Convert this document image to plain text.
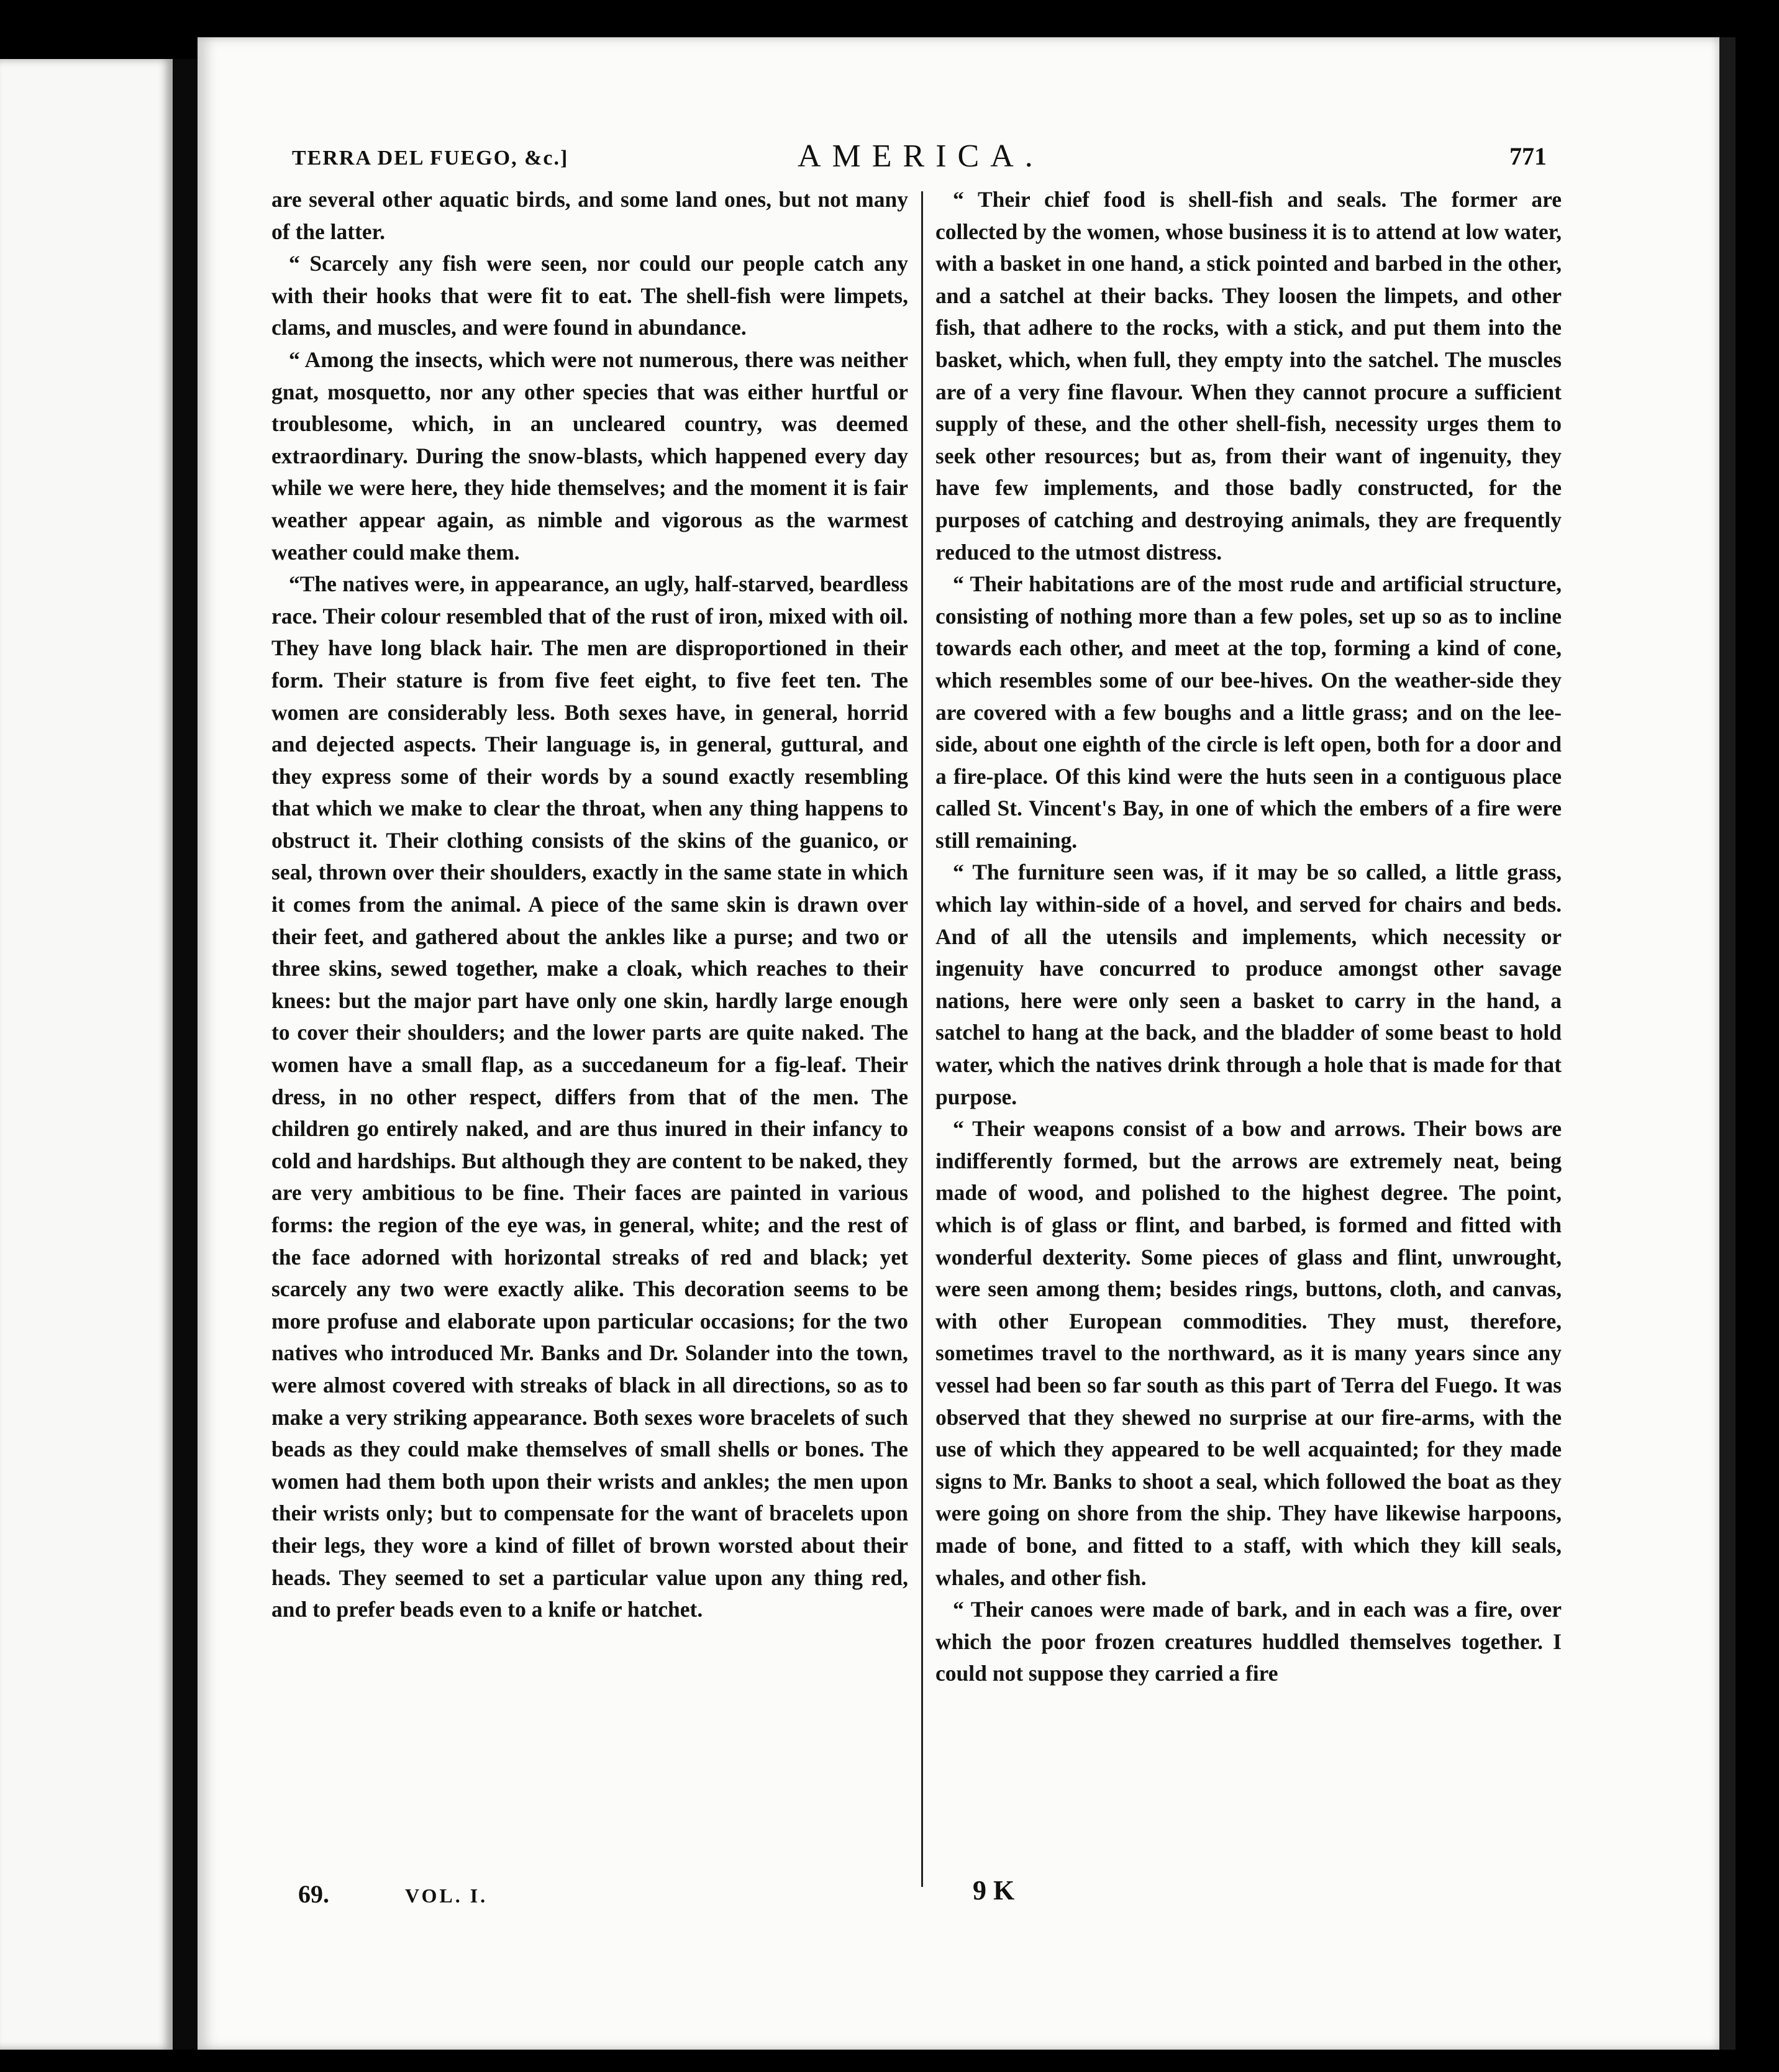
TERRA DEL FUEGO, &c.]	AMERICA.	771

are several other aquatic birds, and some land ones, but not many of the latter.

“ Scarcely any fish were seen, nor could our people catch any with their hooks that were fit to eat. The shell-fish were limpets, clams, and muscles, and were found in abundance.

“ Among the insects, which were not numerous, there was neither gnat, mosquetto, nor any other species that was either hurtful or troublesome, which, in an uncleared country, was deemed extraordinary. During the snow-blasts, which happened every day while we were here, they hide themselves; and the moment it is fair weather appear again, as nimble and vigorous as the warmest weather could make them.

“The natives were, in appearance, an ugly, half-starved, beardless race. Their colour resembled that of the rust of iron, mixed with oil. They have long black hair. The men are disproportioned in their form. Their stature is from five feet eight, to five feet ten. The women are considerably less. Both sexes have, in general, horrid and dejected aspects. Their language is, in general, guttural, and they express some of their words by a sound exactly resembling that which we make to clear the throat, when any thing happens to obstruct it. Their clothing consists of the skins of the guanico, or seal, thrown over their shoulders, exactly in the same state in which it comes from the animal. A piece of the same skin is drawn over their feet, and gathered about the ankles like a purse; and two or three skins, sewed together, make a cloak, which reaches to their knees: but the major part have only one skin, hardly large enough to cover their shoulders; and the lower parts are quite naked. The women have a small flap, as a succedaneum for a fig-leaf. Their dress, in no other respect, differs from that of the men. The children go entirely naked, and are thus inured in their infancy to cold and hardships. But although they are content to be naked, they are very ambitious to be fine. Their faces are painted in various forms: the region of the eye was, in general, white; and the rest of the face adorned with horizontal streaks of red and black; yet scarcely any two were exactly alike. This decoration seems to be more profuse and elaborate upon particular occasions; for the two natives who introduced Mr. Banks and Dr. Solander into the town, were almost covered with streaks of black in all directions, so as to make a very striking appearance. Both sexes wore bracelets of such beads as they could make themselves of small shells or bones. The women had them both upon their wrists and ankles; the men upon their wrists only; but to compensate for the want of bracelets upon their legs, they wore a kind of fillet of brown worsted about their heads. They seemed to set a particular value upon any thing red, and to prefer beads even to a knife or hatchet.

“ Their chief food is shell-fish and seals. The former are collected by the women, whose business it is to attend at low water, with a basket in one hand, a stick pointed and barbed in the other, and a satchel at their backs. They loosen the limpets, and other fish, that adhere to the rocks, with a stick, and put them into the basket, which, when full, they empty into the satchel. The muscles are of a very fine flavour. When they cannot procure a sufficient supply of these, and the other shell-fish, necessity urges them to seek other resources; but as, from their want of ingenuity, they have few implements, and those badly constructed, for the purposes of catching and destroying animals, they are frequently reduced to the utmost distress.

“ Their habitations are of the most rude and artificial structure, consisting of nothing more than a few poles, set up so as to incline towards each other, and meet at the top, forming a kind of cone, which resembles some of our bee-hives. On the weather-side they are covered with a few boughs and a little grass; and on the lee-side, about one eighth of the circle is left open, both for a door and a fire-place. Of this kind were the huts seen in a contiguous place called St. Vincent's Bay, in one of which the embers of a fire were still remaining.

“ The furniture seen was, if it may be so called, a little grass, which lay within-side of a hovel, and served for chairs and beds. And of all the utensils and implements, which necessity or ingenuity have concurred to produce amongst other savage nations, here were only seen a basket to carry in the hand, a satchel to hang at the back, and the bladder of some beast to hold water, which the natives drink through a hole that is made for that purpose.

“ Their weapons consist of a bow and arrows. Their bows are indifferently formed, but the arrows are extremely neat, being made of wood, and polished to the highest degree. The point, which is of glass or flint, and barbed, is formed and fitted with wonderful dexterity. Some pieces of glass and flint, unwrought, were seen among them; besides rings, buttons, cloth, and canvas, with other European commodities. They must, therefore, sometimes travel to the northward, as it is many years since any vessel had been so far south as this part of Terra del Fuego. It was observed that they shewed no surprise at our fire-arms, with the use of which they appeared to be well acquainted; for they made signs to Mr. Banks to shoot a seal, which followed the boat as they were going on shore from the ship. They have likewise harpoons, made of bone, and fitted to a staff, with which they kill seals, whales, and other fish.

“ Their canoes were made of bark, and in each was a fire, over which the poor frozen creatures huddled themselves together. I could not suppose they carried a fire

69.	VOL. I.	9 K
